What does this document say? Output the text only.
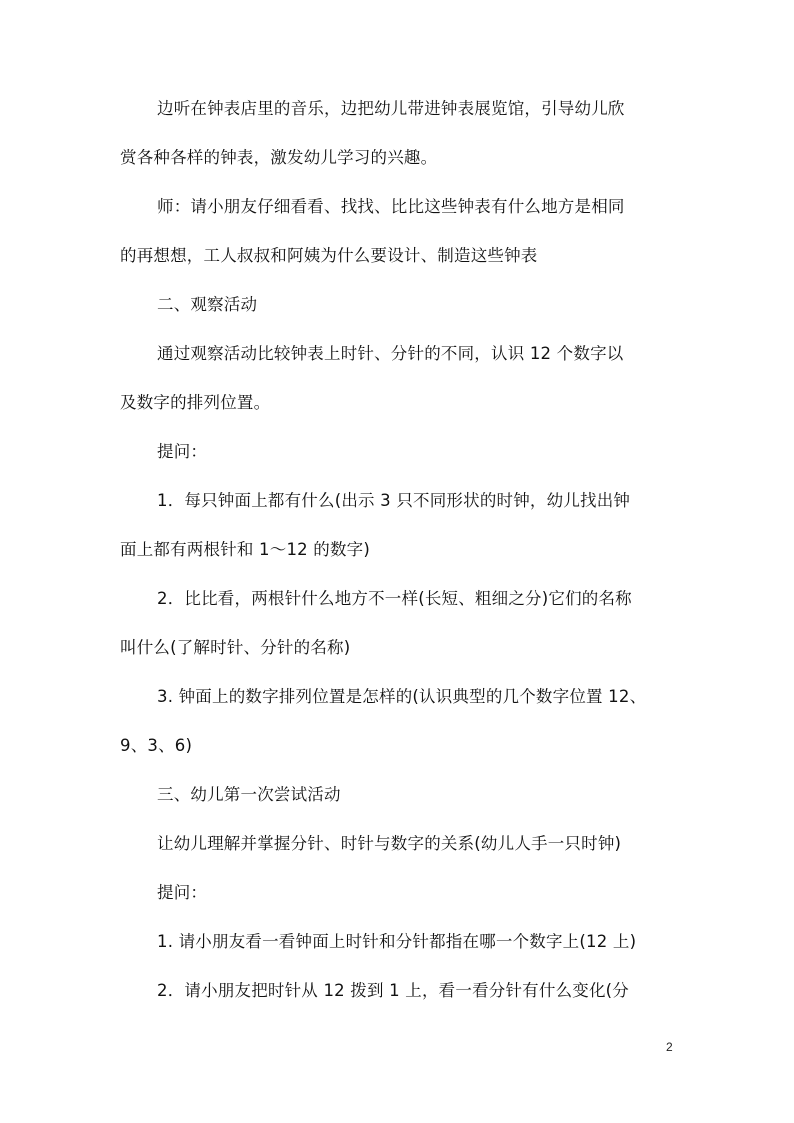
边听在钟表店里的音乐，边把幼儿带进钟表展览馆，引导幼儿欣
赏各种各样的钟表，激发幼儿学习的兴趣。
师：请小朋友仔细看看、找找、比比这些钟表有什么地方是相同
的再想想，工人叔叔和阿姨为什么要设计、制造这些钟表
二、观察活动
通过观察活动比较钟表上时针、分针的不同，认识 12 个数字以
及数字的排列位置。
提问：
1．每只钟面上都有什么(出示 3 只不同形状的时钟，幼儿找出钟
面上都有两根针和 1～12 的数字)
2．比比看，两根针什么地方不一样(长短、粗细之分)它们的名称
叫什么(了解时针、分针的名称)
3. 钟面上的数字排列位置是怎样的(认识典型的几个数字位置 12、
9、3、6)
三、幼儿第一次尝试活动
让幼儿理解并掌握分针、时针与数字的关系(幼儿人手一只时钟)
提问：
1. 请小朋友看一看钟面上时针和分针都指在哪一个数字上(12 上)
2．请小朋友把时针从 12 拨到 1 上，看一看分针有什么变化(分
2
